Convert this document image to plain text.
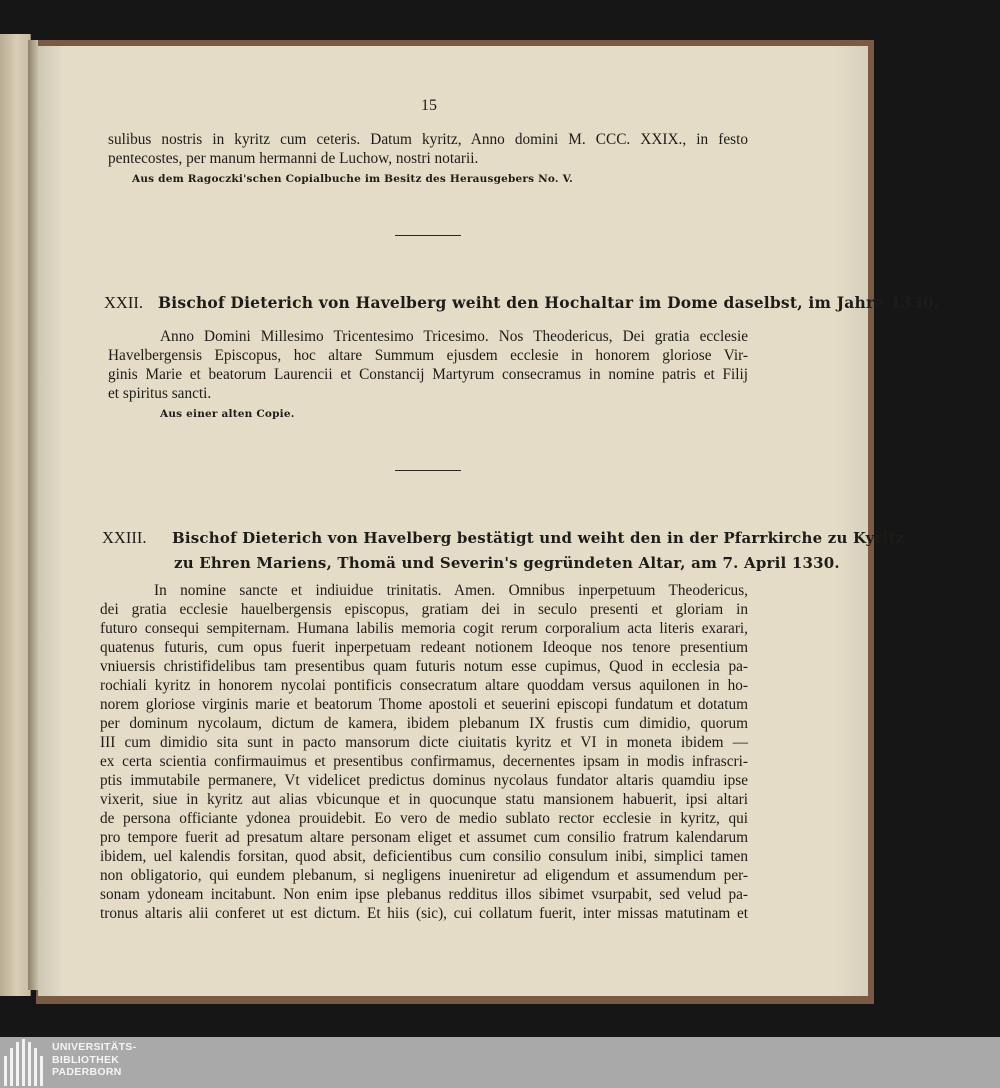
15
sulibus nostris in kyritz cum ceteris. Datum kyritz, Anno domini M. CCC. XXIX., in festo
pentecostes, per manum hermanni de Luchow, nostri notarii.
Aus dem Ragoczki'schen Copialbuche im Besitz des Herausgebers No. V.
XXII. Bischof Dieterich von Havelberg weiht den Hochaltar im Dome daselbst, im Jahre 1330.
Anno Domini Millesimo Tricentesimo Tricesimo. Nos Theodericus, Dei gratia ecclesie
Havelbergensis Episcopus, hoc altare Summum ejusdem ecclesie in honorem gloriose Vir-
ginis Marie et beatorum Laurencii et Constancij Martyrum consecramus in nomine patris et Filij
et spiritus sancti.
Aus einer alten Copie.
XXIII. Bischof Dieterich von Havelberg bestätigt und weiht den in der Pfarrkirche zu Kyritz
zu Ehren Mariens, Thomä und Severin's gegründeten Altar, am 7. April 1330.
In nomine sancte et indiuidue trinitatis. Amen. Omnibus inperpetuum Theodericus,
dei gratia ecclesie hauelbergensis episcopus, gratiam dei in seculo presenti et gloriam in
futuro consequi sempiternam. Humana labilis memoria cogit rerum corporalium acta literis exarari,
quatenus futuris, cum opus fuerit inperpetuam redeant notionem Ideoque nos tenore presentium
vniuersis christifidelibus tam presentibus quam futuris notum esse cupimus, Quod in ecclesia pa-
rochiali kyritz in honorem nycolai pontificis consecratum altare quoddam versus aquilonen in ho-
norem gloriose virginis marie et beatorum Thome apostoli et seuerini episcopi fundatum et dotatum
per dominum nycolaum, dictum de kamera, ibidem plebanum IX frustis cum dimidio, quorum
III cum dimidio sita sunt in pacto mansorum dicte ciuitatis kyritz et VI in moneta ibidem —
ex certa scientia confirmauimus et presentibus confirmamus, decernentes ipsam in modis infrascri-
ptis immutabile permanere, Vt videlicet predictus dominus nycolaus fundator altaris quamdiu ipse
vixerit, siue in kyritz aut alias vbicunque et in quocunque statu mansionem habuerit, ipsi altari
de persona officiante ydonea prouidebit. Eo vero de medio sublato rector ecclesie in kyritz, qui
pro tempore fuerit ad presatum altare personam eliget et assumet cum consilio fratrum kalendarum
ibidem, uel kalendis forsitan, quod absit, deficientibus cum consilio consulum inibi, simplici tamen
non obligatorio, qui eundem plebanum, si negligens inueniretur ad eligendum et assumendum per-
sonam ydoneam incitabunt. Non enim ipse plebanus redditus illos sibimet vsurpabit, sed velud pa-
tronus altaris alii conferet ut est dictum. Et hiis (sic), cui collatum fuerit, inter missas matutinam et
UNIVERSITÄTS-
BIBLIOTHEK
PADERBORN
